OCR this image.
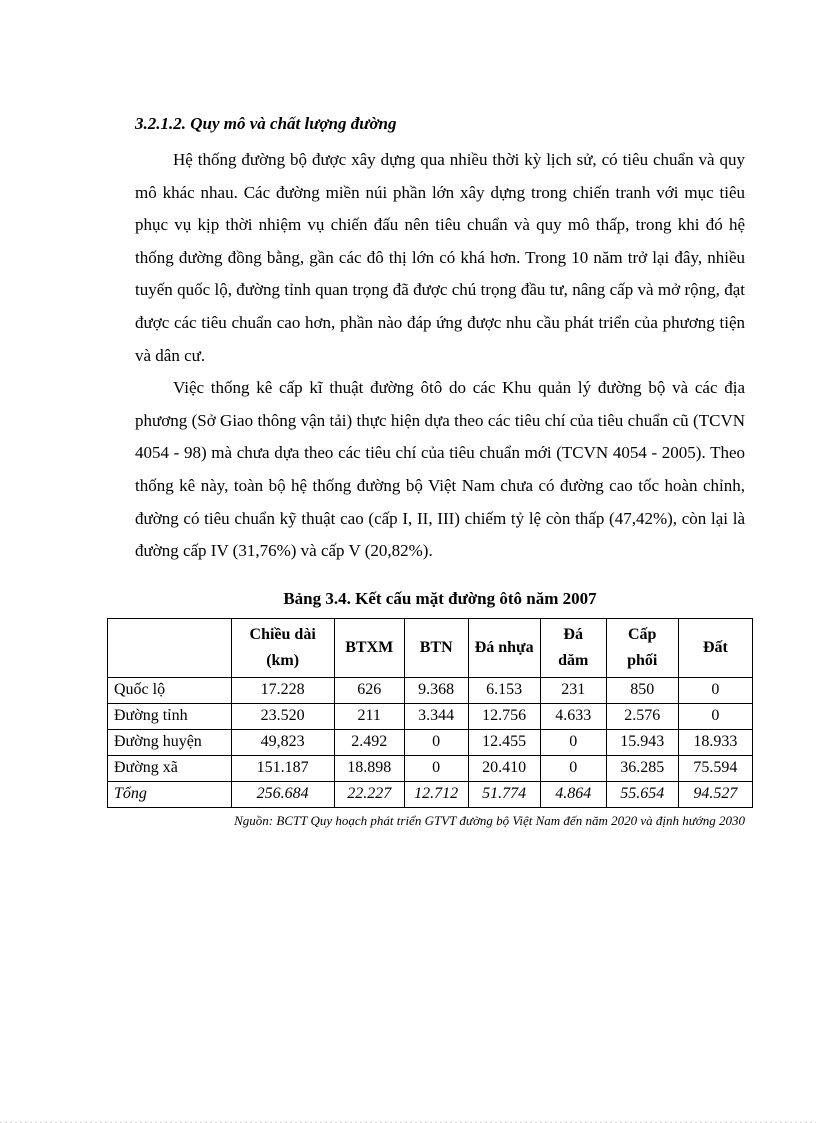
3.2.1.2. Quy mô và chất lượng đường

Hệ thống đường bộ được xây dựng qua nhiều thời kỳ lịch sử, có tiêu chuẩn và quy mô khác nhau. Các đường miền núi phần lớn xây dựng trong chiến tranh với mục tiêu phục vụ kịp thời nhiệm vụ chiến đấu nên tiêu chuẩn và quy mô thấp, trong khi đó hệ thống đường đồng bằng, gần các đô thị lớn có khá hơn. Trong 10 năm trở lại đây, nhiều tuyến quốc lộ, đường tỉnh quan trọng đã được chú trọng đầu tư, nâng cấp và mở rộng, đạt được các tiêu chuẩn cao hơn, phần nào đáp ứng được nhu cầu phát triển của phương tiện và dân cư.

Việc thống kê cấp kĩ thuật đường ôtô do các Khu quản lý đường bộ và các địa phương (Sở Giao thông vận tải) thực hiện dựa theo các tiêu chí của tiêu chuẩn cũ (TCVN 4054 - 98) mà chưa dựa theo các tiêu chí của tiêu chuẩn mới (TCVN 4054 - 2005). Theo thống kê này, toàn bộ hệ thống đường bộ Việt Nam chưa có đường cao tốc hoàn chỉnh, đường có tiêu chuẩn kỹ thuật cao (cấp I, II, III) chiếm tỷ lệ còn thấp (47,42%), còn lại là đường cấp IV (31,76%) và cấp V (20,82%).

Bảng 3.4. Kết cấu mặt đường ôtô năm 2007
	Chiều dài (km)	BTXM	BTN	Đá nhựa	Đá dăm	Cấp phối	Đất
Quốc lộ	17.228	626	9.368	6.153	231	850	0
Đường tỉnh	23.520	211	3.344	12.756	4.633	2.576	0
Đường huyện	49,823	2.492	0	12.455	0	15.943	18.933
Đường xã	151.187	18.898	0	20.410	0	36.285	75.594
Tổng	256.684	22.227	12.712	51.774	4.864	55.654	94.527
Nguồn: BCTT Quy hoạch phát triển GTVT đường bộ Việt Nam đến năm 2020 và định hướng 2030
